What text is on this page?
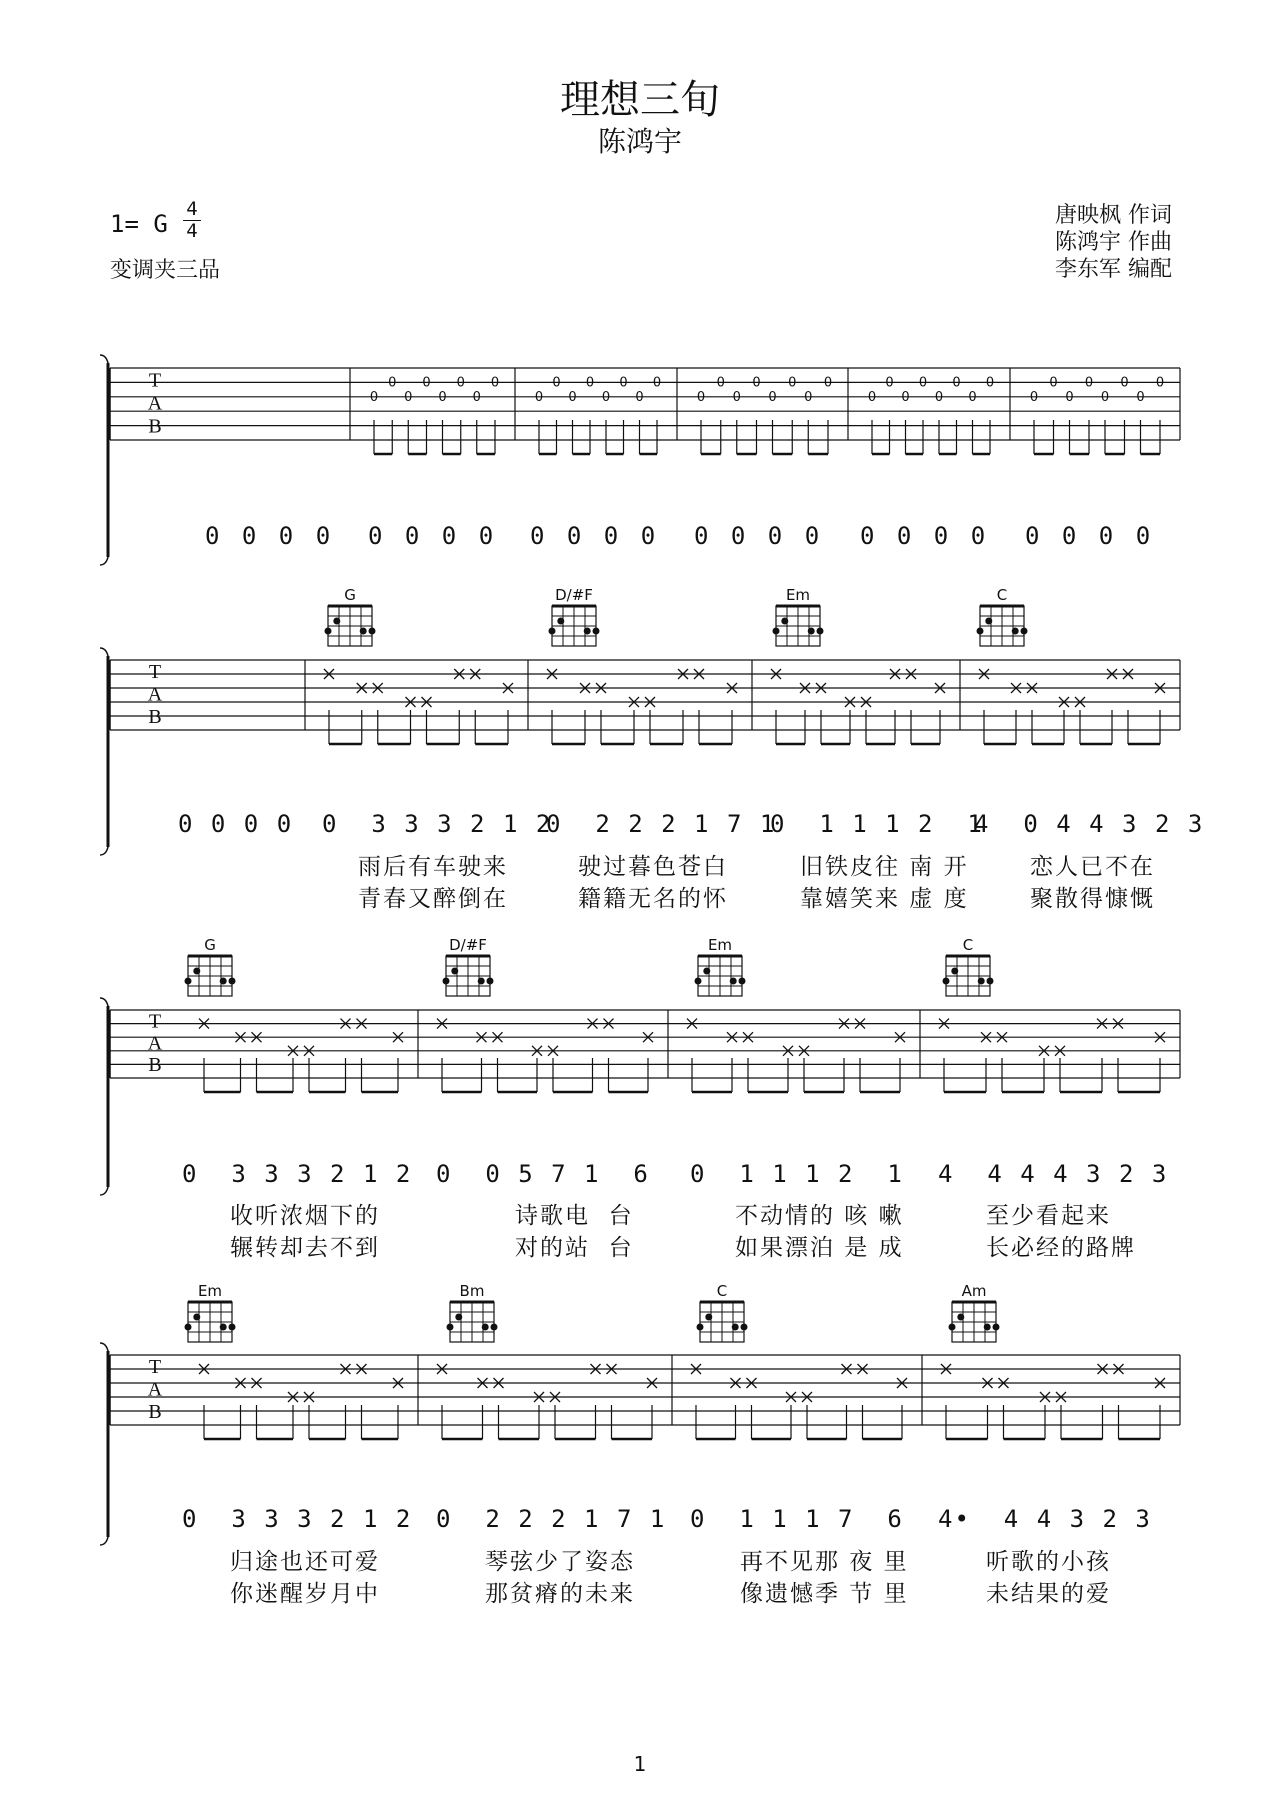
理想三旬
陈鸿宇
1= G
4
4
变调夹三品
唐映枫 作词
陈鸿宇 作曲
李东军 编配
T
A
B
0
0
0
0
0
0
0
0
0
0
0
0
0
0
0
0
0
0
0
0
0
0
0
0
0
0
0
0
0
0
0
0
0
0
0
0
0
0
0
0
T
A
B
T
A
B
T
A
B
G	D/#F	Em	C
G	D/#F	Em	C
Em	Bm	C	Am
0 0 0 0 0 0 0 0 0 0 0 0 0 0 0 0 0 0 0 0 0 0 0 0
0 0 0 0 0  3 3 3 2 1 2
0  2 2 2 1 7 1
0  1 1 1 2  1
4  0 4 4 3 2 3
0  3 3 3 2 1 2 0  0 5 7 1  6 0  1 1 1 2  1 4  4 4 4 3 2 3
0  3 3 3 2 1 2 0  2 2 2 1 7 1 0  1 1 1 7  6 4•  4 4 3 2 3
雨后有车驶来	驶过暮色苍白	旧铁皮往 南 开	恋人已不在
青春又醉倒在	籍籍无名的怀	靠嬉笑来 虚 度	聚散得慷慨
收听浓烟下的	诗歌电  台	不动情的 咳 嗽	至少看起来
辗转却去不到	对的站  台	如果漂泊 是 成	长必经的路牌
归途也还可爱	琴弦少了姿态	再不见那 夜 里	听歌的小孩
你迷醒岁月中	那贫瘠的未来	像遗憾季 节 里	未结果的爱
1
